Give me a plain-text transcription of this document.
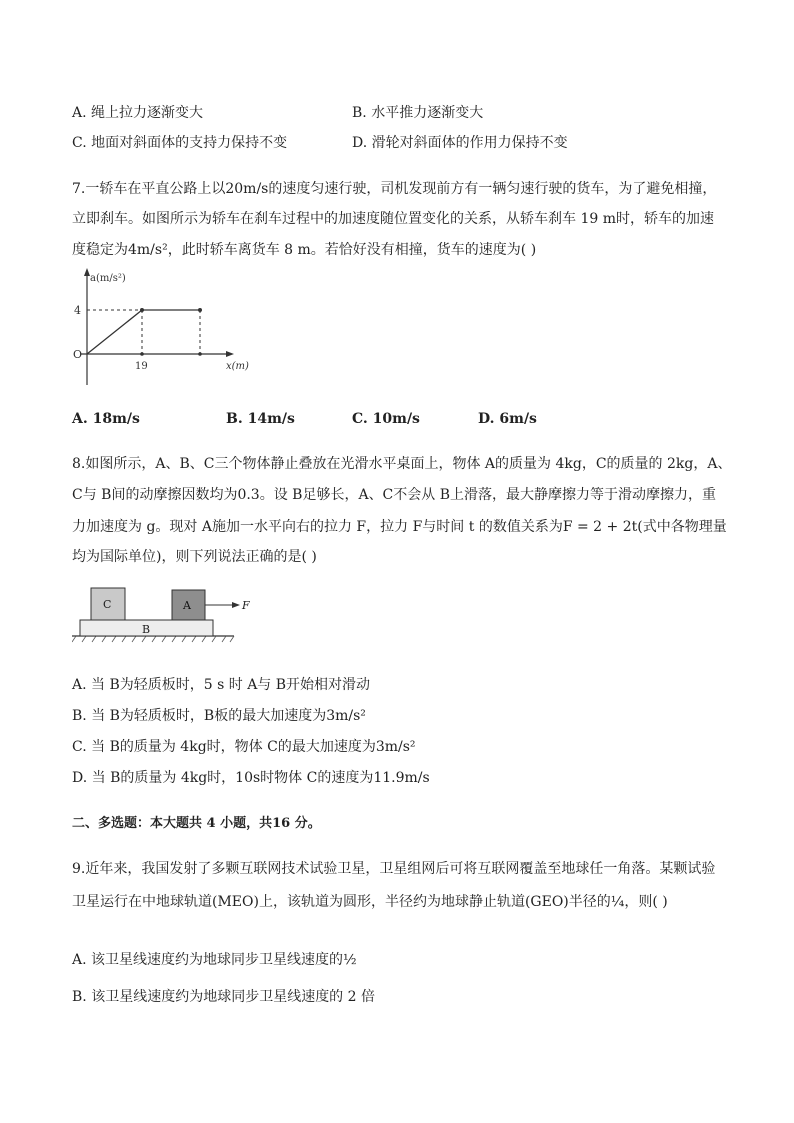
A. 绳上拉力逐渐变大	B. 水平推力逐渐变大
C. 地面对斜面体的支持力保持不变	D. 滑轮对斜面体的作用力保持不变
7.一轿车在平直公路上以20m/s的速度匀速行驶，司机发现前方有一辆匀速行驶的货车，为了避免相撞，
立即刹车。如图所示为轿车在刹车过程中的加速度随位置变化的关系，从轿车刹车 19 m时，轿车的加速
度稳定为4m/s²，此时轿车离货车 8 m。若恰好没有相撞，货车的速度为( )
a(m/s²)
4
O
19	x(m)
A. 18m/s	B. 14m/s	C. 10m/s	D. 6m/s
8.如图所示，A、B、C三个物体静止叠放在光滑水平桌面上，物体 A的质量为 4kg，C的质量的 2kg，A、
C与 B间的动摩擦因数均为0.3。设 B足够长，A、C不会从 B上滑落，最大静摩擦力等于滑动摩擦力，重
力加速度为 g。现对 A施加一水平向右的拉力 F，拉力 F与时间 t 的数值关系为F = 2 + 2t(式中各物理量
均为国际单位)，则下列说法正确的是( )
B
C	A	F
A. 当 B为轻质板时，5 s 时 A与 B开始相对滑动
B. 当 B为轻质板时，B板的最大加速度为3m/s²
C. 当 B的质量为 4kg时，物体 C的最大加速度为3m/s²
D. 当 B的质量为 4kg时，10s时物体 C的速度为11.9m/s
二、多选题：本大题共 4 小题，共16 分。
9.近年来，我国发射了多颗互联网技术试验卫星，卫星组网后可将互联网覆盖至地球任一角落。某颗试验
卫星运行在中地球轨道(MEO)上，该轨道为圆形，半径约为地球静止轨道(GEO)半径的¼，则( )
A. 该卫星线速度约为地球同步卫星线速度的½
B. 该卫星线速度约为地球同步卫星线速度的 2 倍
